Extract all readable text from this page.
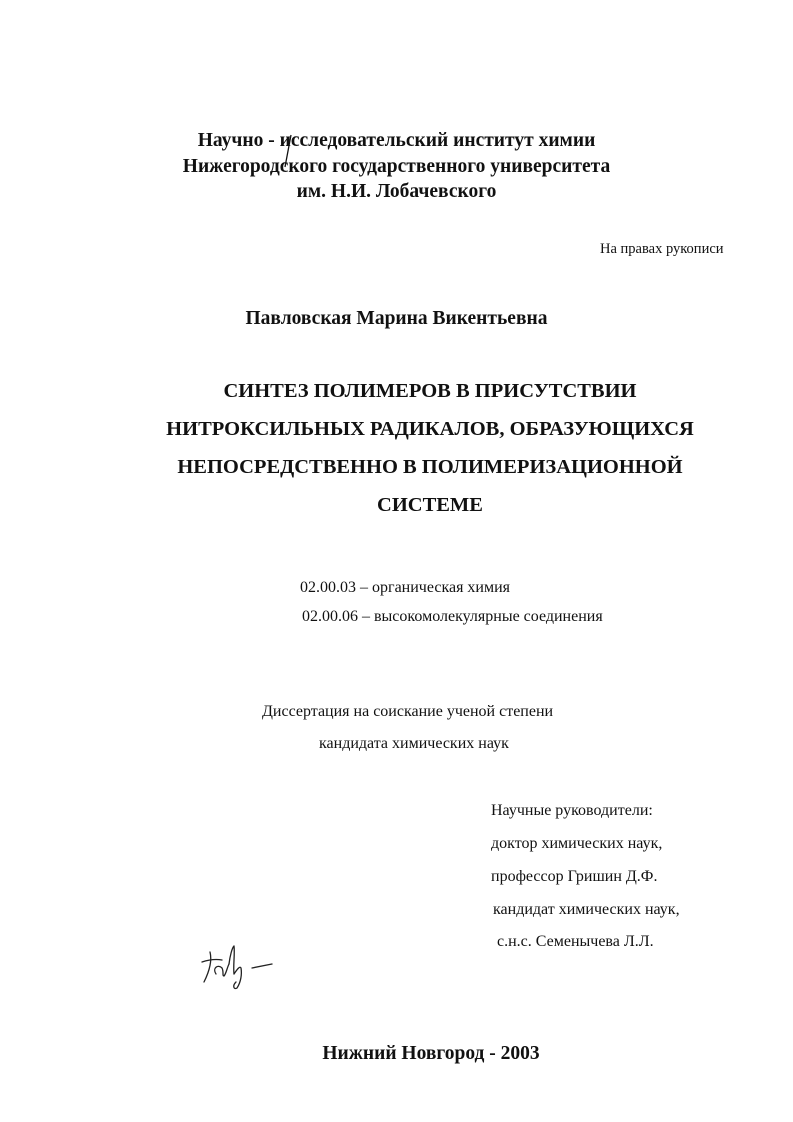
Научно - исследовательский институт химии
Нижегородского государственного университета
им. Н.И. Лобачевского
На правах рукописи
Павловская Марина Викентьевна
СИНТЕЗ ПОЛИМЕРОВ В ПРИСУТСТВИИ
НИТРОКСИЛЬНЫХ РАДИКАЛОВ, ОБРАЗУЮЩИХСЯ
НЕПОСРЕДСТВЕННО В ПОЛИМЕРИЗАЦИОННОЙ
СИСТЕМЕ
02.00.03 – органическая химия
02.00.06 – высокомолекулярные соединения
Диссертация на соискание ученой степени
кандидата химических наук
Научные руководители:
доктор химических наук,
профессор Гришин Д.Ф.
кандидат химических наук,
с.н.с. Семенычева Л.Л.
Нижний Новгород - 2003
